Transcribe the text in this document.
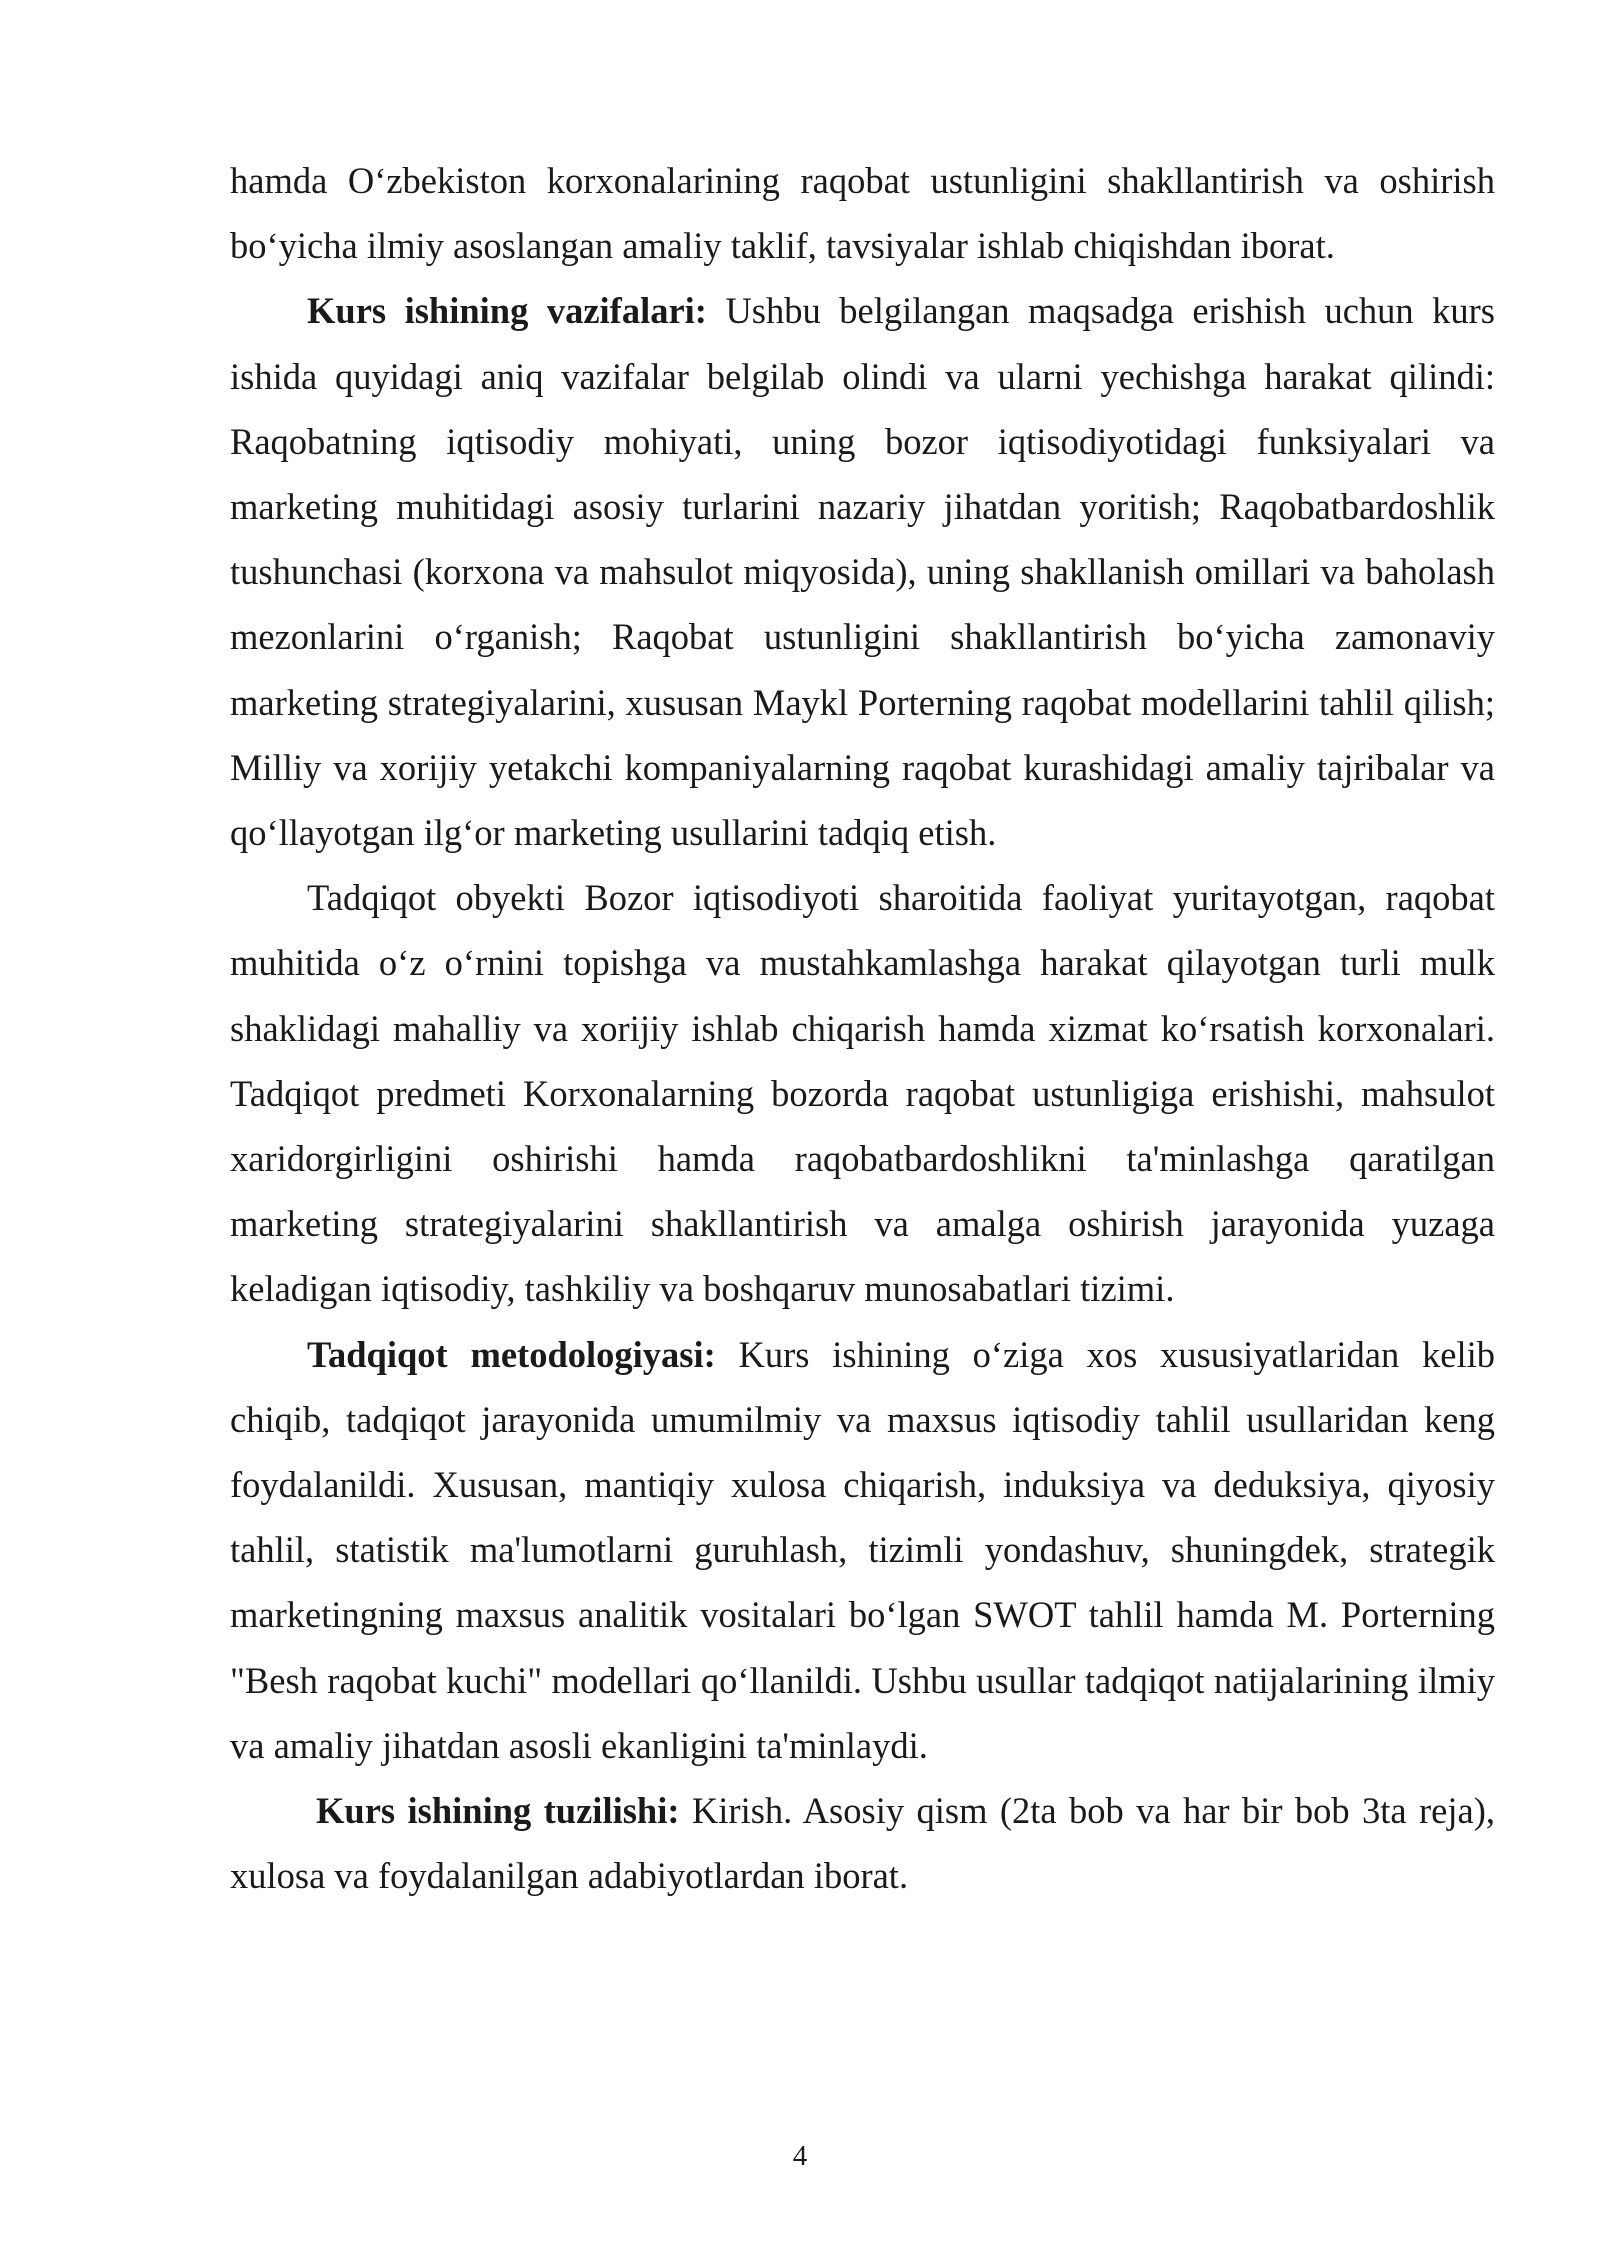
hamda O‘zbekiston korxonalarining raqobat ustunligini shakllantirish va oshirish bo‘yicha ilmiy asoslangan amaliy taklif, tavsiyalar ishlab chiqishdan iborat.

Kurs ishining vazifalari: Ushbu belgilangan maqsadga erishish uchun kurs ishida quyidagi aniq vazifalar belgilab olindi va ularni yechishga harakat qilindi: Raqobatning iqtisodiy mohiyati, uning bozor iqtisodiyotidagi funksiyalari va marketing muhitidagi asosiy turlarini nazariy jihatdan yoritish; Raqobatbardoshlik tushunchasi (korxona va mahsulot miqyosida), uning shakllanish omillari va baholash mezonlarini o‘rganish; Raqobat ustunligini shakllantirish bo‘yicha zamonaviy marketing strategiyalarini, xususan Maykl Porterning raqobat modellarini tahlil qilish; Milliy va xorijiy yetakchi kompaniyalarning raqobat kurashidagi amaliy tajribalar va qo‘llayotgan ilg‘or marketing usullarini tadqiq etish.

Tadqiqot obyekti Bozor iqtisodiyoti sharoitida faoliyat yuritayotgan, raqobat muhitida o‘z o‘rnini topishga va mustahkamlashga harakat qilayotgan turli mulk shaklidagi mahalliy va xorijiy ishlab chiqarish hamda xizmat ko‘rsatish korxonalari. Tadqiqot predmeti Korxonalarning bozorda raqobat ustunligiga erishishi, mahsulot xaridorgirligini oshirishi hamda raqobatbardoshlikni ta'minlashga qaratilgan marketing strategiyalarini shakllantirish va amalga oshirish jarayonida yuzaga keladigan iqtisodiy, tashkiliy va boshqaruv munosabatlari tizimi.

Tadqiqot metodologiyasi: Kurs ishining o‘ziga xos xususiyatlaridan kelib chiqib, tadqiqot jarayonida umumilmiy va maxsus iqtisodiy tahlil usullaridan keng foydalanildi. Xususan, mantiqiy xulosa chiqarish, induksiya va deduksiya, qiyosiy tahlil, statistik ma'lumotlarni guruhlash, tizimli yondashuv, shuningdek, strategik marketingning maxsus analitik vositalari bo‘lgan SWOT tahlil hamda M. Porterning "Besh raqobat kuchi" modellari qo‘llanildi. Ushbu usullar tadqiqot natijalarining ilmiy va amaliy jihatdan asosli ekanligini ta'minlaydi.

Kurs ishining tuzilishi: Kirish. Asosiy qism (2ta bob va har bir bob 3ta reja), xulosa va foydalanilgan adabiyotlardan iborat.

4
